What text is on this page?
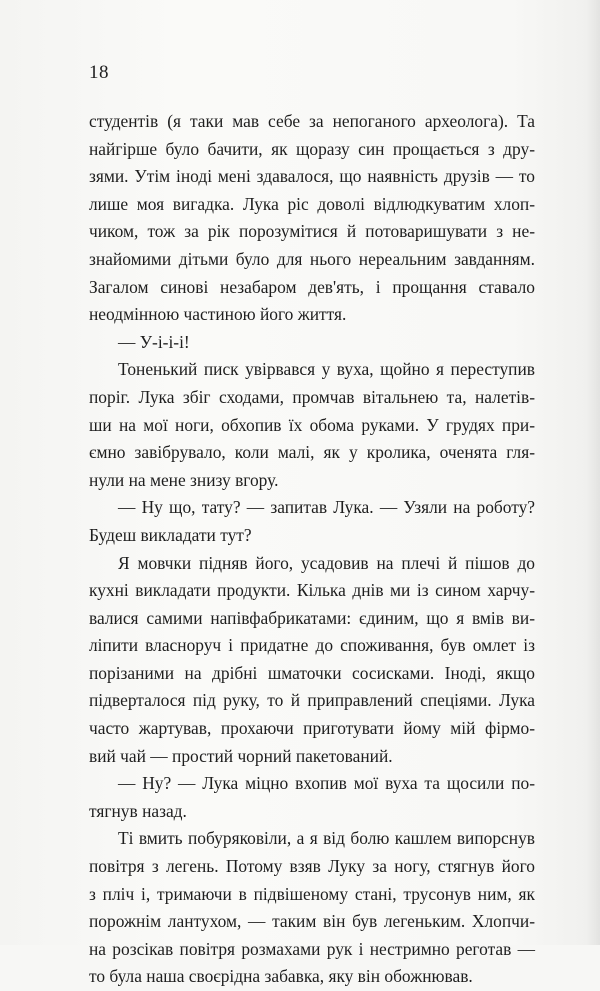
18
студентів (я таки мав себе за непоганого археолога). Та
найгірше було бачити, як щоразу син прощається з дру-
зями. Утім іноді мені здавалося, що наявність друзів — то
лише моя вигадка. Лука ріс доволі відлюдкуватим хлоп-
чиком, тож за рік порозумітися й потоваришувати з не-
знайомими дітьми було для нього нереальним завданням.
Загалом синові незабаром дев'ять, і прощання ставало
неодмінною частиною його життя.
— У-і-і-і!
Тоненький писк увірвався у вуха, щойно я переступив
поріг. Лука збіг сходами, промчав вітальнею та, налетів-
ши на мої ноги, обхопив їх обома руками. У грудях при-
ємно завібрувало, коли малі, як у кролика, оченята гля-
нули на мене знизу вгору.
— Ну що, тату? — запитав Лука. — Узяли на роботу?
Будеш викладати тут?
Я мовчки підняв його, усадовив на плечі й пішов до
кухні викладати продукти. Кілька днів ми із сином харчу-
валися самими напівфабрикатами: єдиним, що я вмів ви-
ліпити власноруч і придатне до споживання, був омлет із
порізаними на дрібні шматочки сосисками. Іноді, якщо
підверталося під руку, то й приправлений спеціями. Лука
часто жартував, прохаючи приготувати йому мій фірмо-
вий чай — простий чорний пакетований.
— Ну? — Лука міцно вхопив мої вуха та щосили по-
тягнув назад.
Ті вмить побуряковіли, а я від болю кашлем випорснув
повітря з легень. Потому взяв Луку за ногу, стягнув його
з пліч і, тримаючи в підвішеному стані, трусонув ним, як
порожнім лантухом, — таким він був легеньким. Хлопчи-
на розсікав повітря розмахами рук і нестримно реготав —
то була наша своєрідна забавка, яку він обожнював.
